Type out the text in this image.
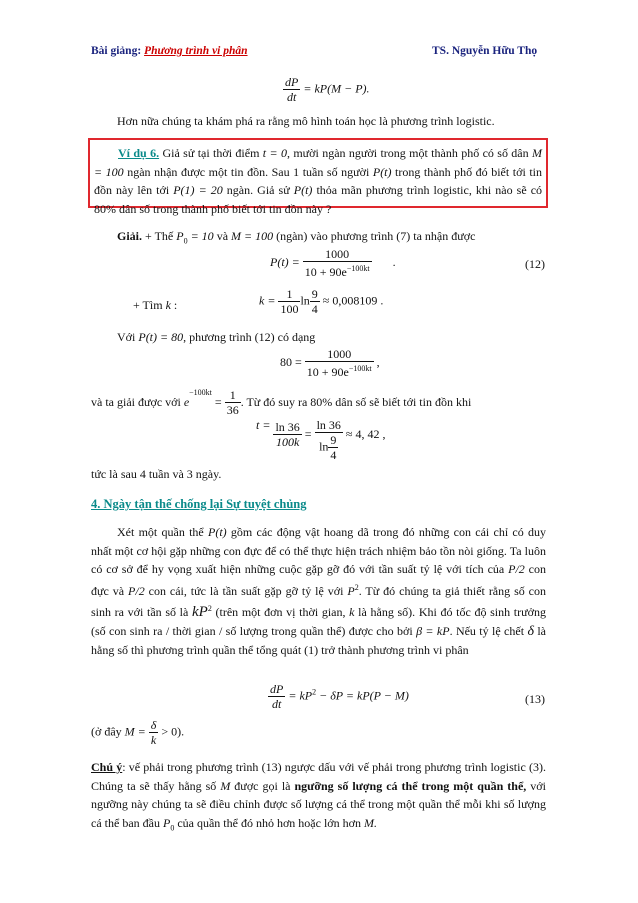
Bài giảng: Phương trình vi phân	TS. Nguyễn Hữu Thọ
$\frac{dP}{dt} = kP(M - P)$.
Hơn nữa chúng ta khám phá ra rằng mô hình toán học là phương trình logistic.
Ví dụ 6. Giả sử tại thời điểm t = 0, mười ngàn người trong một thành phố có số dân M = 100 ngàn nhận được một tin đồn. Sau 1 tuần số người P(t) trong thành phố đó biết tới tin đồn này lên tới P(1) = 20 ngàn. Giả sử P(t) thỏa mãn phương trình logistic, khi nào sẽ có 80% dân số trong thành phố biết tới tin đồn này ?
Giải. + Thế $P_0 = 10$ và M = 100 (ngàn) vào phương trình (7) ta nhận được
$P(t) = \frac{1000}{10 + 90e^{-100kt}}$ .	(12)
+ Tìm k :	$k = \frac{1}{100}$ $\ln \frac{9}{4} \approx 0,008109$ .
Với P(t) = 80, phương trình (12) có dạng
$80 = \frac{1000}{10 + 90e^{-100kt}}$ ,
và ta giải được với $e^{-100kt} = \frac{1}{36}$ . Từ đó suy ra 80% dân số sẽ biết tới tin đồn khi
$t = \frac{\ln 36}{100k} = \frac{\ln 36}{\ln \frac{9}{4}} \approx 4$, 42 ,
tức là sau 4 tuần và 3 ngày.
4. Ngày tận thế chống lại Sự tuyệt chủng
Xét một quần thể P(t) gồm các động vật hoang dã trong đó những con cái chỉ có duy nhất một cơ hội gặp những con đực để có thể thực hiện trách nhiệm bảo tồn nòi giống. Ta luôn có cơ sở để hy vọng xuất hiện những cuộc gặp gỡ đó với tần suất tỷ lệ với tích của P/2 con đực và P/2 con cái, tức là tần suất gặp gỡ tỷ lệ với $P^2$. Từ đó chúng ta giả thiết rằng số con sinh ra với tần số là $kP^2$ (trên một đơn vị thời gian, k là hằng số). Khi đó tốc độ sinh trưởng (số con sinh ra / thời gian / số lượng trong quần thể) được cho bởi β = kP. Nếu tỷ lệ chết δ là hằng số thì phương trình quần thể tổng quát (1) trở thành phương trình vi phân
$\frac{dP}{dt} = kP^2 - \delta P = kP(P - M)$	(13)
(ở đây $M = \frac{\delta}{k} > 0$).
Chú ý: vế phải trong phương trình (13) ngược dấu với vế phải trong phương trình logistic (3). Chúng ta sẽ thấy hằng số M được gọi là ngưỡng số lượng cá thể trong một quần thể, với ngưỡng này chúng ta sẽ điều chỉnh được số lượng cá thể trong một quần thể mỗi khi số lượng cá thể ban đầu $P_0$ của quần thể đó nhỏ hơn hoặc lớn hơn M.
